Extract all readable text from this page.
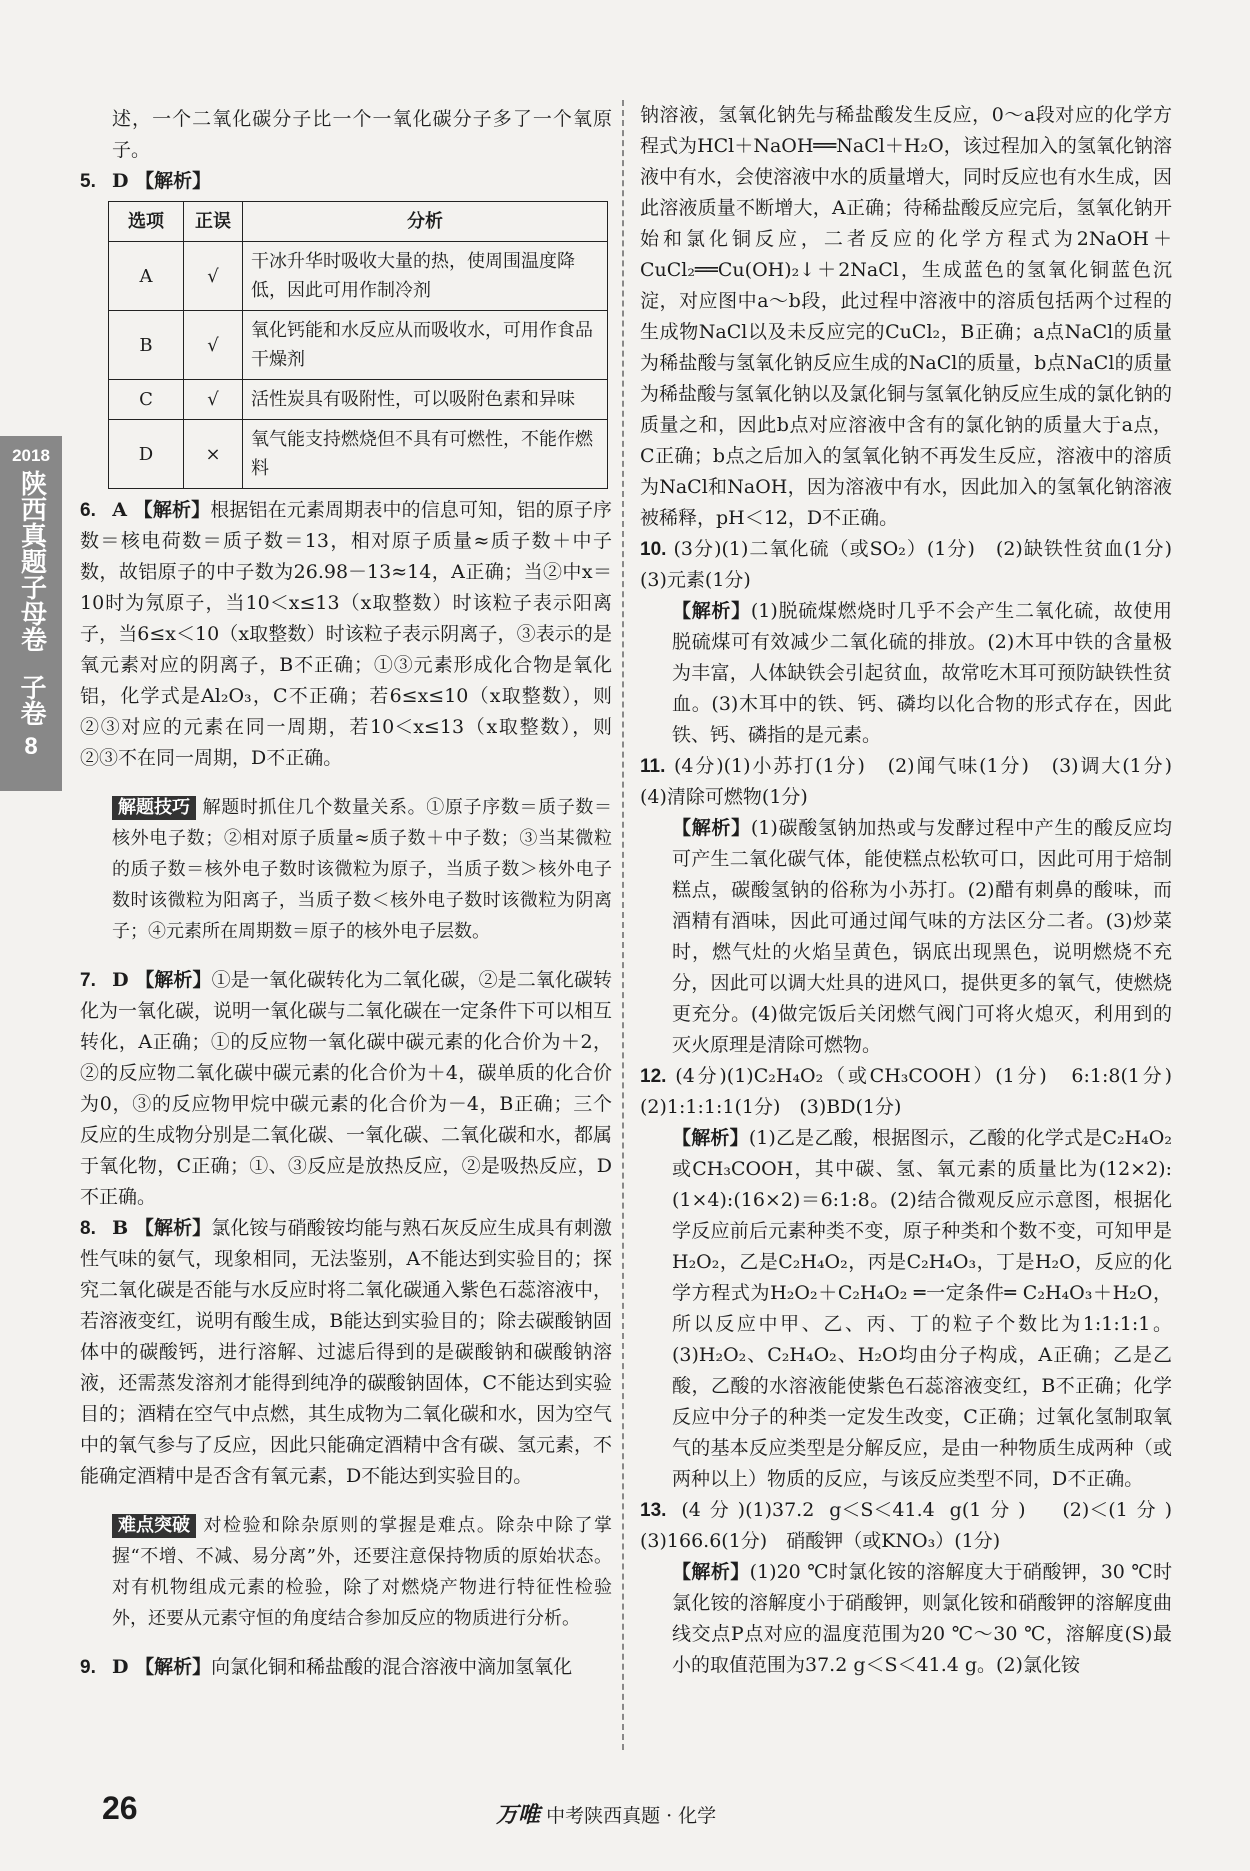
2018
陕西真题子母卷
子卷
8

述，一个二氧化碳分子比一个一氧化碳分子多了一个氧原子。

5. D 【解析】

选项	正误	分析
A	√	干冰升华时吸收大量的热，使周围温度降低，因此可用作制冷剂
B	√	氧化钙能和水反应从而吸收水，可用作食品干燥剂
C	√	活性炭具有吸附性，可以吸附色素和异味
D	×	氧气能支持燃烧但不具有可燃性，不能作燃料

6. A 【解析】根据铝在元素周期表中的信息可知，铝的原子序数＝核电荷数＝质子数＝13，相对原子质量≈质子数＋中子数，故铝原子的中子数为26.98－13≈14，A正确；当②中x＝10时为氖原子，当10＜x≤13（x取整数）时该粒子表示阳离子，当6≤x＜10（x取整数）时该粒子表示阴离子，③表示的是氧元素对应的阴离子，B不正确；①③元素形成化合物是氧化铝，化学式是Al₂O₃，C不正确；若6≤x≤10（x取整数），则②③对应的元素在同一周期，若10＜x≤13（x取整数），则②③不在同一周期，D不正确。

解题技巧 解题时抓住几个数量关系。①原子序数＝质子数＝核外电子数；②相对原子质量≈质子数＋中子数；③当某微粒的质子数＝核外电子数时该微粒为原子，当质子数＞核外电子数时该微粒为阳离子，当质子数＜核外电子数时该微粒为阴离子；④元素所在周期数＝原子的核外电子层数。

7. D 【解析】①是一氧化碳转化为二氧化碳，②是二氧化碳转化为一氧化碳，说明一氧化碳与二氧化碳在一定条件下可以相互转化，A正确；①的反应物一氧化碳中碳元素的化合价为＋2，②的反应物二氧化碳中碳元素的化合价为＋4，碳单质的化合价为0，③的反应物甲烷中碳元素的化合价为－4，B正确；三个反应的生成物分别是二氧化碳、一氧化碳、二氧化碳和水，都属于氧化物，C正确；①、③反应是放热反应，②是吸热反应，D不正确。

8. B 【解析】氯化铵与硝酸铵均能与熟石灰反应生成具有刺激性气味的氨气，现象相同，无法鉴别，A不能达到实验目的；探究二氧化碳是否能与水反应时将二氧化碳通入紫色石蕊溶液中，若溶液变红，说明有酸生成，B能达到实验目的；除去碳酸钠固体中的碳酸钙，进行溶解、过滤后得到的是碳酸钠和碳酸钠溶液，还需蒸发溶剂才能得到纯净的碳酸钠固体，C不能达到实验目的；酒精在空气中点燃，其生成物为二氧化碳和水，因为空气中的氧气参与了反应，因此只能确定酒精中含有碳、氢元素，不能确定酒精中是否含有氧元素，D不能达到实验目的。

难点突破 对检验和除杂原则的掌握是难点。除杂中除了掌握“不增、不减、易分离”外，还要注意保持物质的原始状态。对有机物组成元素的检验，除了对燃烧产物进行特征性检验外，还要从元素守恒的角度结合参加反应的物质进行分析。

9. D 【解析】向氯化铜和稀盐酸的混合溶液中滴加氢氧化

钠溶液，氢氧化钠先与稀盐酸发生反应，0～a段对应的化学方程式为HCl＋NaOH══NaCl＋H₂O，该过程加入的氢氧化钠溶液中有水，会使溶液中水的质量增大，同时反应也有水生成，因此溶液质量不断增大，A正确；待稀盐酸反应完后，氢氧化钠开始和氯化铜反应，二者反应的化学方程式为2NaOH＋CuCl₂══Cu(OH)₂↓＋2NaCl，生成蓝色的氢氧化铜蓝色沉淀，对应图中a～b段，此过程中溶液中的溶质包括两个过程的生成物NaCl以及未反应完的CuCl₂，B正确；a点NaCl的质量为稀盐酸与氢氧化钠反应生成的NaCl的质量，b点NaCl的质量为稀盐酸与氢氧化钠以及氯化铜与氢氧化钠反应生成的氯化钠的质量之和，因此b点对应溶液中含有的氯化钠的质量大于a点，C正确；b点之后加入的氢氧化钠不再发生反应，溶液中的溶质为NaCl和NaOH，因为溶液中有水，因此加入的氢氧化钠溶液被稀释，pH＜12，D不正确。

10. (3分)(1)二氧化硫（或SO₂）(1分)　(2)缺铁性贫血(1分)　(3)元素(1分)

【解析】(1)脱硫煤燃烧时几乎不会产生二氧化硫，故使用脱硫煤可有效减少二氧化硫的排放。(2)木耳中铁的含量极为丰富，人体缺铁会引起贫血，故常吃木耳可预防缺铁性贫血。(3)木耳中的铁、钙、磷均以化合物的形式存在，因此铁、钙、磷指的是元素。

11. (4分)(1)小苏打(1分)　(2)闻气味(1分)　(3)调大(1分)　(4)清除可燃物(1分)

【解析】(1)碳酸氢钠加热或与发酵过程中产生的酸反应均可产生二氧化碳气体，能使糕点松软可口，因此可用于焙制糕点，碳酸氢钠的俗称为小苏打。(2)醋有刺鼻的酸味，而酒精有酒味，因此可通过闻气味的方法区分二者。(3)炒菜时，燃气灶的火焰呈黄色，锅底出现黑色，说明燃烧不充分，因此可以调大灶具的进风口，提供更多的氧气，使燃烧更充分。(4)做完饭后关闭燃气阀门可将火熄灭，利用到的灭火原理是清除可燃物。

12. (4分)(1)C₂H₄O₂（或CH₃COOH）(1分)　6:1:8(1分)　(2)1:1:1:1(1分)　(3)BD(1分)

【解析】(1)乙是乙酸，根据图示，乙酸的化学式是C₂H₄O₂或CH₃COOH，其中碳、氢、氧元素的质量比为(12×2):(1×4):(16×2)＝6:1:8。(2)结合微观反应示意图，根据化学反应前后元素种类不变，原子种类和个数不变，可知甲是H₂O₂，乙是C₂H₄O₂，丙是C₂H₄O₃，丁是H₂O，反应的化学方程式为H₂O₂＋C₂H₄O₂ ═一定条件═ C₂H₄O₃＋H₂O，所以反应中甲、乙、丙、丁的粒子个数比为1:1:1:1。(3)H₂O₂、C₂H₄O₂、H₂O均由分子构成，A正确；乙是乙酸，乙酸的水溶液能使紫色石蕊溶液变红，B不正确；化学反应中分子的种类一定发生改变，C正确；过氧化氢制取氧气的基本反应类型是分解反应，是由一种物质生成两种（或两种以上）物质的反应，与该反应类型不同，D不正确。

13. (4分)(1)37.2 g＜S＜41.4 g(1分)　(2)＜(1分)　(3)166.6(1分)　硝酸钾（或KNO₃）(1分)

【解析】(1)20 ℃时氯化铵的溶解度大于硝酸钾，30 ℃时氯化铵的溶解度小于硝酸钾，则氯化铵和硝酸钾的溶解度曲线交点P点对应的温度范围为20 ℃～30 ℃，溶解度(S)最小的取值范围为37.2 g＜S＜41.4 g。(2)氯化铵

26	万唯 中考陕西真题 · 化学
